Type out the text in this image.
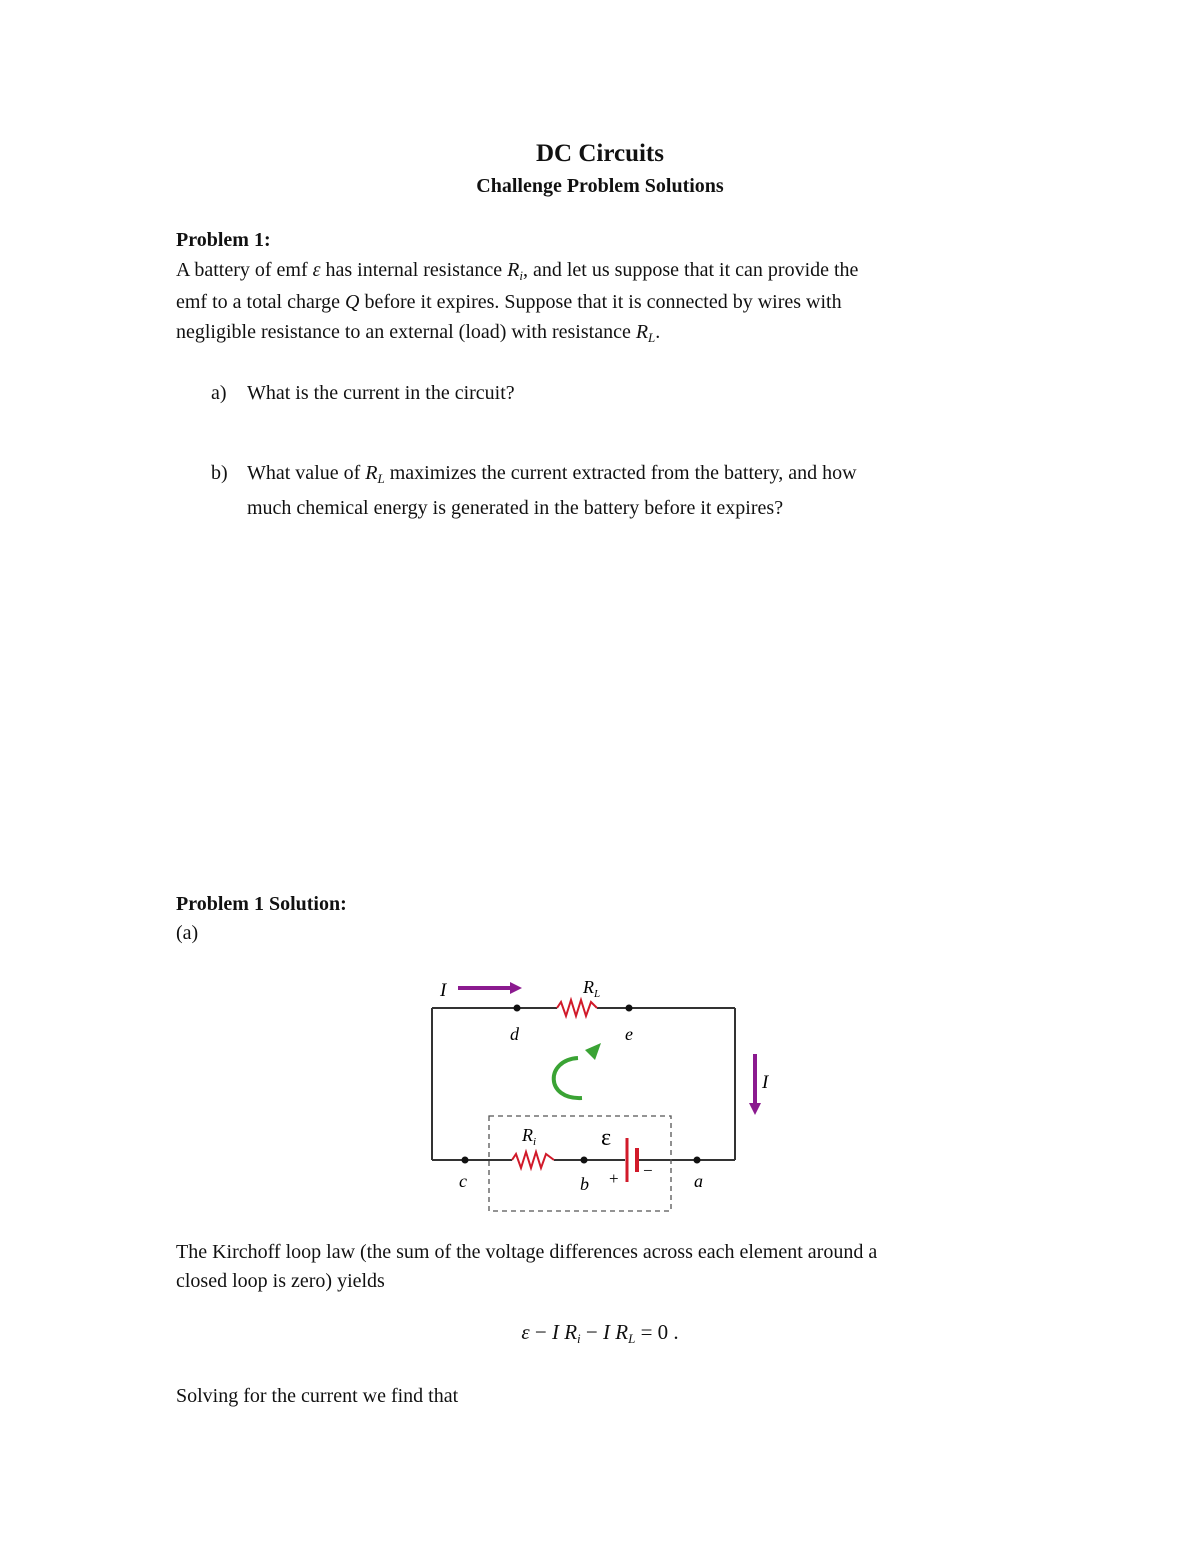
DC Circuits
Challenge Problem Solutions
Problem 1:
A battery of emf ε has internal resistance $R_i$, and let us suppose that it can provide the
emf to a total charge Q before it expires. Suppose that it is connected by wires with
negligible resistance to an external (load) with resistance $R_L$.
a) What is the current in the circuit?
b) What value of $R_L$ maximizes the current extracted from the battery, and how
much chemical energy is generated in the battery before it expires?
Problem 1 Solution:
(a)
I
I
$R_L$
$R_i$	ε
+ −
d	e
c	b	a
The Kirchoff loop law (the sum of the voltage differences across each element around a
closed loop is zero) yields
ε − I $R_i - I$ $R_L = 0$ .
Solving for the current we find that
